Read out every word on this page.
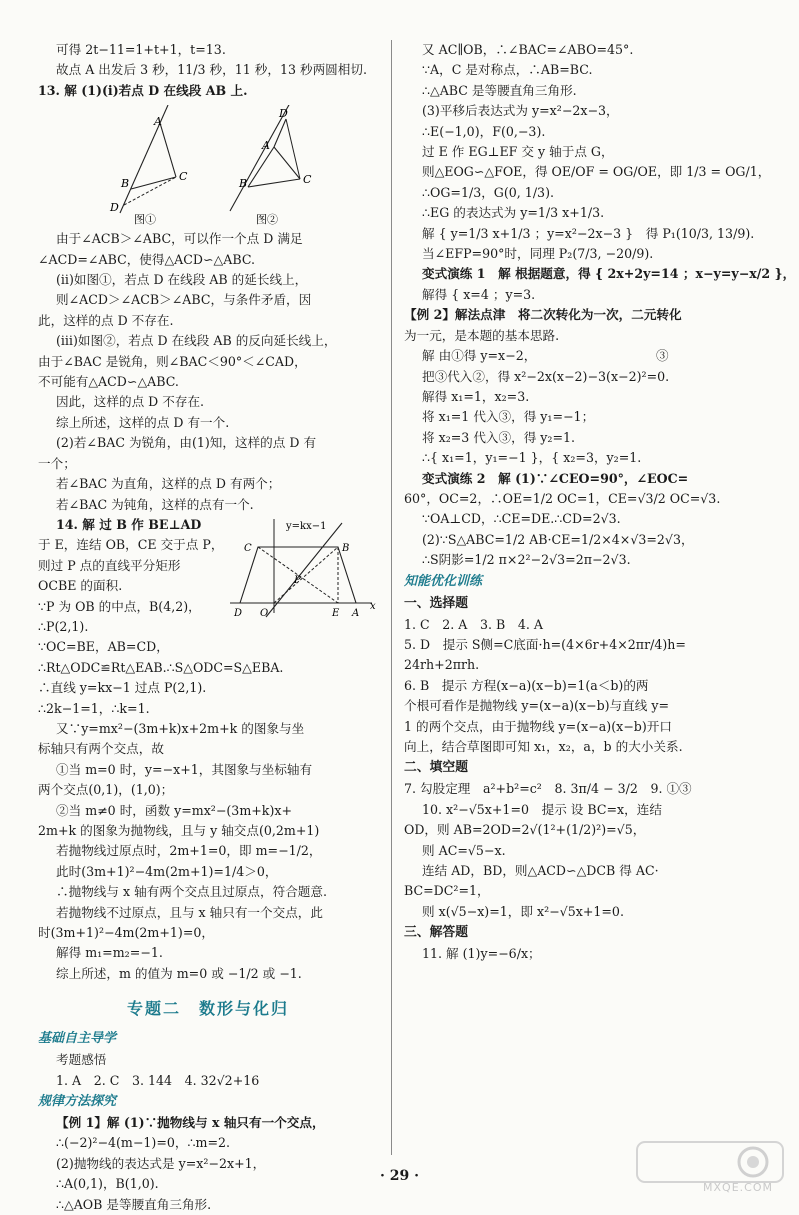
可得 2t−11=1+t+1，t=13.
故点 A 出发后 3 秒，11/3 秒，11 秒，13 秒两圆相切.
13. 解 (1)(ⅰ)若点 D 在线段 AB 上.
A
B
C
D
图①
D
A
B	C
图②
由于∠ACB＞∠ABC，可以作一个点 D 满足
∠ACD=∠ABC，使得△ACD∽△ABC.
(ⅱ)如图①，若点 D 在线段 AB 的延长线上，
则∠ACD＞∠ACB＞∠ABC，与条件矛盾，因
此，这样的点 D 不存在.
(ⅲ)如图②，若点 D 在线段 AB 的反向延长线上，
由于∠BAC 是锐角，则∠BAC＜90°＜∠CAD，
不可能有△ACD∽△ABC.
因此，这样的点 D 不存在.
综上所述，这样的点 D 有一个.
(2)若∠BAC 为锐角，由(1)知，这样的点 D 有
一个；
若∠BAC 为直角，这样的点 D 有两个；
若∠BAC 为钝角，这样的点有一个.
y=kx−1
C	B
P
D O	E A
x
14. 解 过 B 作 BE⊥AD
于 E，连结 OB，CE 交于点 P，
则过 P 点的直线平分矩形
OCBE 的面积.
∵P 为 OB 的中点，B(4,2)，
∴P(2,1).
∵OC=BE，AB=CD，
∴Rt△ODC≌Rt△EAB.∴S△ODC=S△EBA.
∴直线 y=kx−1 过点 P(2,1).
∴2k−1=1，∴k=1.
又∵y=mx²−(3m+k)x+2m+k 的图象与坐
标轴只有两个交点，故
①当 m=0 时，y=−x+1，其图象与坐标轴有
两个交点(0,1)，(1,0)；
②当 m≠0 时，函数 y=mx²−(3m+k)x+
2m+k 的图象为抛物线，且与 y 轴交点(0,2m+1)
若抛物线过原点时，2m+1=0，即 m=−1/2，
此时(3m+1)²−4m(2m+1)=1/4＞0，
∴抛物线与 x 轴有两个交点且过原点，符合题意.
若抛物线不过原点，且与 x 轴只有一个交点，此
时(3m+1)²−4m(2m+1)=0，
解得 m₁=m₂=−1.
综上所述，m 的值为 m=0 或 −1/2 或 −1.
专题二　数形与化归
基础自主导学
考题感悟
1. A　2. C　3. 144　4. 32√2+16
规律方法探究
【例 1】解 (1)∵抛物线与 x 轴只有一个交点，
∴(−2)²−4(m−1)=0，∴m=2.
(2)抛物线的表达式是 y=x²−2x+1，
∴A(0,1)，B(1,0).
∴△AOB 是等腰直角三角形.
又 AC∥OB，∴∠BAC=∠ABO=45°.
∵A，C 是对称点，∴AB=BC.
∴△ABC 是等腰直角三角形.
(3)平移后表达式为 y=x²−2x−3，
∴E(−1,0)，F(0,−3).
过 E 作 EG⊥EF 交 y 轴于点 G，
则△EOG∽△FOE，得 OE/OF = OG/OE，即 1/3 = OG/1，
∴OG=1/3，G(0, 1/3).
∴EG 的表达式为 y=1/3 x+1/3.
解 { y=1/3 x+1/3 ；y=x²−2x−3 }　得 P₁(10/3, 13/9).
当∠EFP=90°时，同理 P₂(7/3, −20/9).
变式演练 1　解 根据题意，得 { 2x+2y=14 ；x−y=y−x/2 }，
解得 { x=4 ；y=3.
【例 2】解法点津　将二次转化为一次，二元转化
为一元，是本题的基本思路.
解 由①得 y=x−2，　　　　　　　　　　③
把③代入②，得 x²−2x(x−2)−3(x−2)²=0.
解得 x₁=1，x₂=3.
将 x₁=1 代入③，得 y₁=−1；
将 x₂=3 代入③，得 y₂=1.
∴{ x₁=1，y₁=−1 }，{ x₂=3，y₂=1.
变式演练 2　解 (1)∵∠CEO=90°，∠EOC=
60°，OC=2，∴OE=1/2 OC=1，CE=√3/2 OC=√3.
∵OA⊥CD，∴CE=DE.∴CD=2√3.
(2)∵S△ABC=1/2 AB·CE=1/2×4×√3=2√3，
∴S阴影=1/2 π×2²−2√3=2π−2√3.
知能优化训练
一、选择题
1. C　2. A　3. B　4. A
5. D　提示 S侧=C底面·h=(4×6r+4×2πr/4)h=
24rh+2πrh.
6. B　提示 方程(x−a)(x−b)=1(a＜b)的两
个根可看作是抛物线 y=(x−a)(x−b)与直线 y=
1 的两个交点，由于抛物线 y=(x−a)(x−b)开口
向上，结合草图即可知 x₁，x₂，a，b 的大小关系.
二、填空题
7. 勾股定理　a²+b²=c²　8. 3π/4 − 3/2　9. ①③
10. x²−√5x+1=0　提示 设 BC=x，连结
OD，则 AB=2OD=2√(1²+(1/2)²)=√5，
则 AC=√5−x.
连结 AD，BD，则△ACD∽△DCB 得 AC·
BC=DC²=1，
则 x(√5−x)=1，即 x²−√5x+1=0.
三、解答题
11. 解 (1)y=−6/x；
· 29 ·
MXQE.COM
